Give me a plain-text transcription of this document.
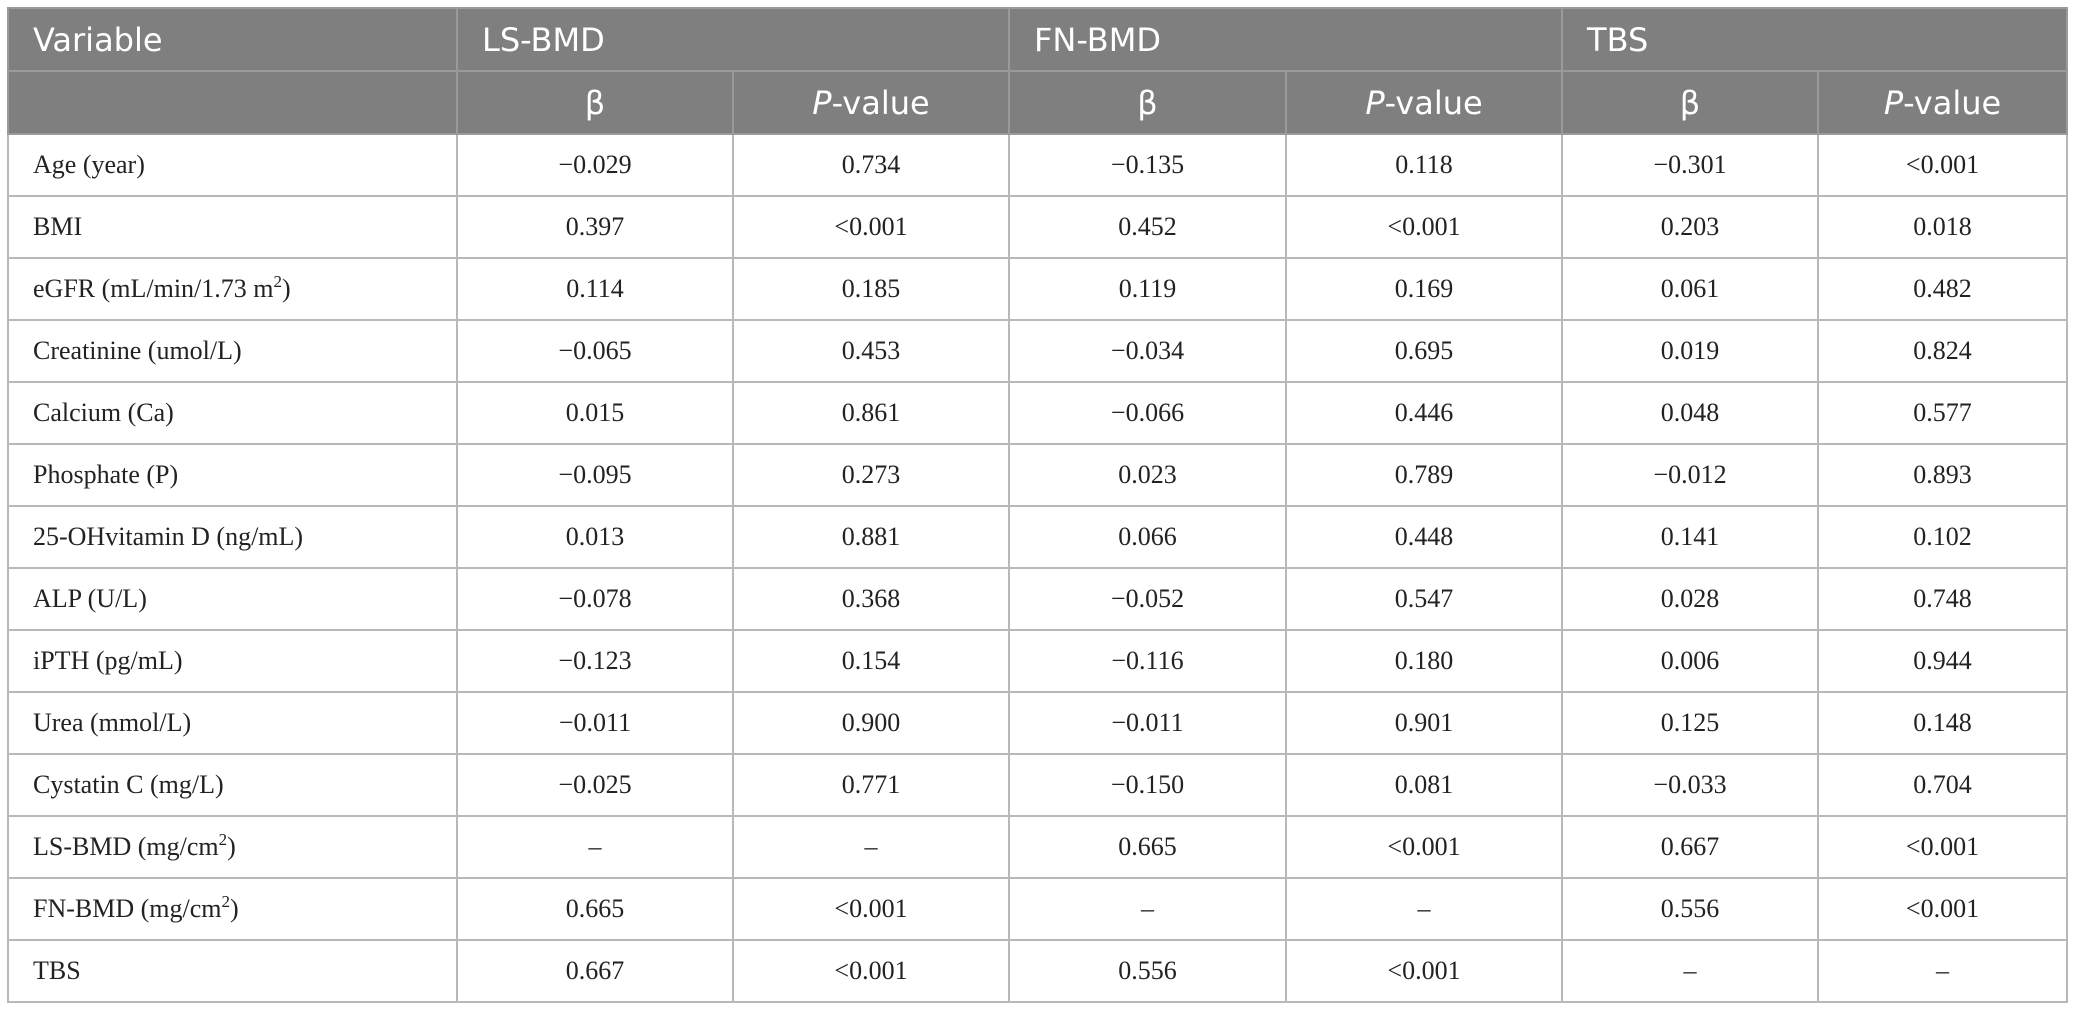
Variable	LS-BMD		FN-BMD		TBS	
	β	P-value	β	P-value	β	P-value
Age (year)	−0.029	0.734	−0.135	0.118	−0.301	<0.001
BMI	0.397	<0.001	0.452	<0.001	0.203	0.018
eGFR (mL/min/1.73 $m^2$)	0.114	0.185	0.119	0.169	0.061	0.482
Creatinine (umol/L)	−0.065	0.453	−0.034	0.695	0.019	0.824
Calcium (Ca)	0.015	0.861	−0.066	0.446	0.048	0.577
Phosphate (P)	−0.095	0.273	0.023	0.789	−0.012	0.893
25-OHvitamin D (ng/mL)	0.013	0.881	0.066	0.448	0.141	0.102
ALP (U/L)	−0.078	0.368	−0.052	0.547	0.028	0.748
iPTH (pg/mL)	−0.123	0.154	−0.116	0.180	0.006	0.944
Urea (mmol/L)	−0.011	0.900	−0.011	0.901	0.125	0.148
Cystatin C (mg/L)	−0.025	0.771	−0.150	0.081	−0.033	0.704
LS-BMD $(mg/cm^2)$	–	–	0.665	<0.001	0.667	<0.001
FN-BMD $(mg/cm^2)$	0.665	<0.001	–	–	0.556	<0.001
TBS	0.667	<0.001	0.556	<0.001	–	–
